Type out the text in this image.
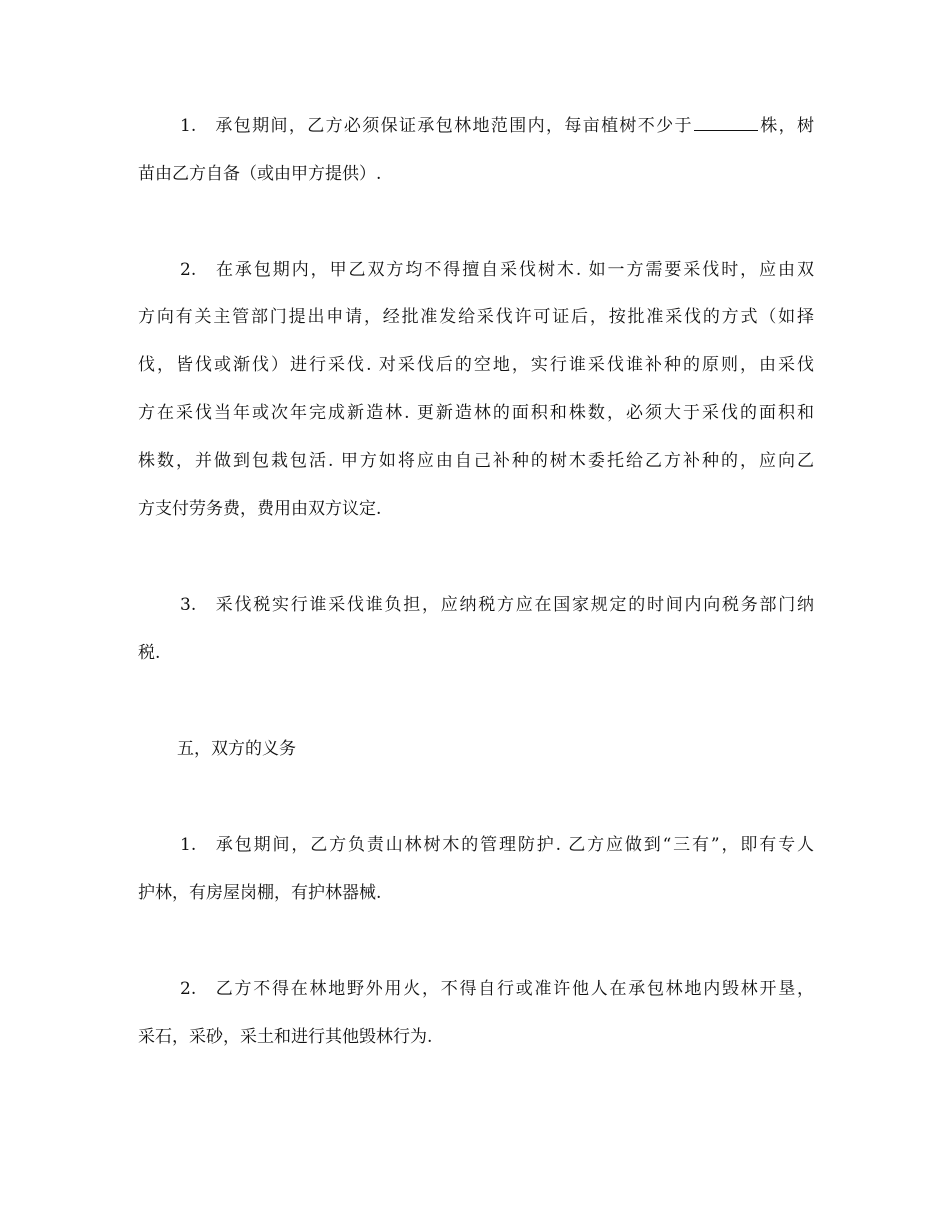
1. 承包期间，乙方必须保证承包林地范围内，每亩植树不少于	株，树
苗由乙方自备（或由甲方提供）.
2. 在承包期内，甲乙双方均不得擅自采伐树木. 如一方需要采伐时，应由双
方向有关主管部门提出申请，经批准发给采伐许可证后，按批准采伐的方式（如择
伐，皆伐或渐伐）进行采伐. 对采伐后的空地，实行谁采伐谁补种的原则，由采伐
方在采伐当年或次年完成新造林. 更新造林的面积和株数，必须大于采伐的面积和
株数，并做到包栽包活. 甲方如将应由自己补种的树木委托给乙方补种的，应向乙
方支付劳务费，费用由双方议定.
3. 采伐税实行谁采伐谁负担，应纳税方应在国家规定的时间内向税务部门纳
税.
五，双方的义务
1. 承包期间，乙方负责山林树木的管理防护. 乙方应做到“三有”，即有专人
护林，有房屋岗棚，有护林器械.
2. 乙方不得在林地野外用火，不得自行或准许他人在承包林地内毁林开垦，
采石，采砂，采土和进行其他毁林行为.
